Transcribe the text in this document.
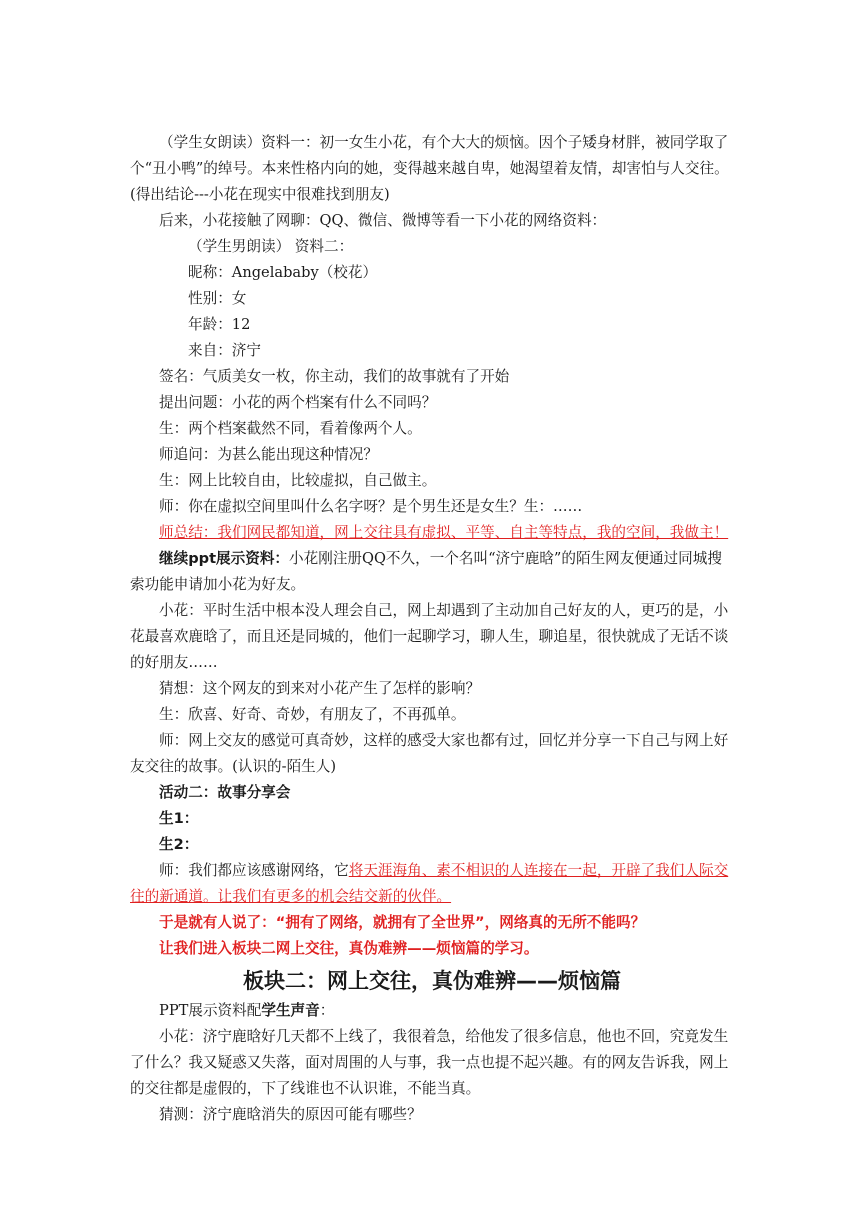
（学生女朗读）资料一：初一女生小花，有个大大的烦恼。因个子矮身材胖，被同学取了个“丑小鸭”的绰号。本来性格内向的她，变得越来越自卑，她渴望着友情，却害怕与人交往。(得出结论---小花在现实中很难找到朋友)

后来，小花接触了网聊：QQ、微信、微博等看一下小花的网络资料：

（学生男朗读） 资料二：

昵称：Angelababy（校花）

性别：女

年龄：12

来自：济宁

签名：气质美女一枚，你主动，我们的故事就有了开始

提出问题：小花的两个档案有什么不同吗？

生：两个档案截然不同，看着像两个人。

师追问：为甚么能出现这种情况？

生：网上比较自由，比较虚拟，自己做主。

师：你在虚拟空间里叫什么名字呀？是个男生还是女生？生：……

师总结：我们网民都知道，网上交往具有虚拟、平等、自主等特点，我的空间，我做主！

继续ppt展示资料：小花刚注册QQ不久，一个名叫“济宁鹿晗”的陌生网友便通过同城搜索功能申请加小花为好友。

小花：平时生活中根本没人理会自己，网上却遇到了主动加自己好友的人，更巧的是，小花最喜欢鹿晗了，而且还是同城的，他们一起聊学习，聊人生，聊追星，很快就成了无话不谈的好朋友……

猜想：这个网友的到来对小花产生了怎样的影响？

生：欣喜、好奇、奇妙，有朋友了，不再孤单。

师：网上交友的感觉可真奇妙，这样的感受大家也都有过，回忆并分享一下自己与网上好友交往的故事。(认识的-陌生人)

活动二：故事分享会

生1：

生2：

师：我们都应该感谢网络，它将天涯海角、素不相识的人连接在一起，开辟了我们人际交往的新通道。让我们有更多的机会结交新的伙伴。

于是就有人说了：“拥有了网络，就拥有了全世界”，网络真的无所不能吗？

让我们进入板块二网上交往，真伪难辨——烦恼篇的学习。

板块二：网上交往，真伪难辨——烦恼篇

PPT展示资料配学生声音：

小花：济宁鹿晗好几天都不上线了，我很着急，给他发了很多信息，他也不回，究竟发生了什么？我又疑惑又失落，面对周围的人与事，我一点也提不起兴趣。有的网友告诉我，网上的交往都是虚假的，下了线谁也不认识谁，不能当真。

猜测：济宁鹿晗消失的原因可能有哪些？
